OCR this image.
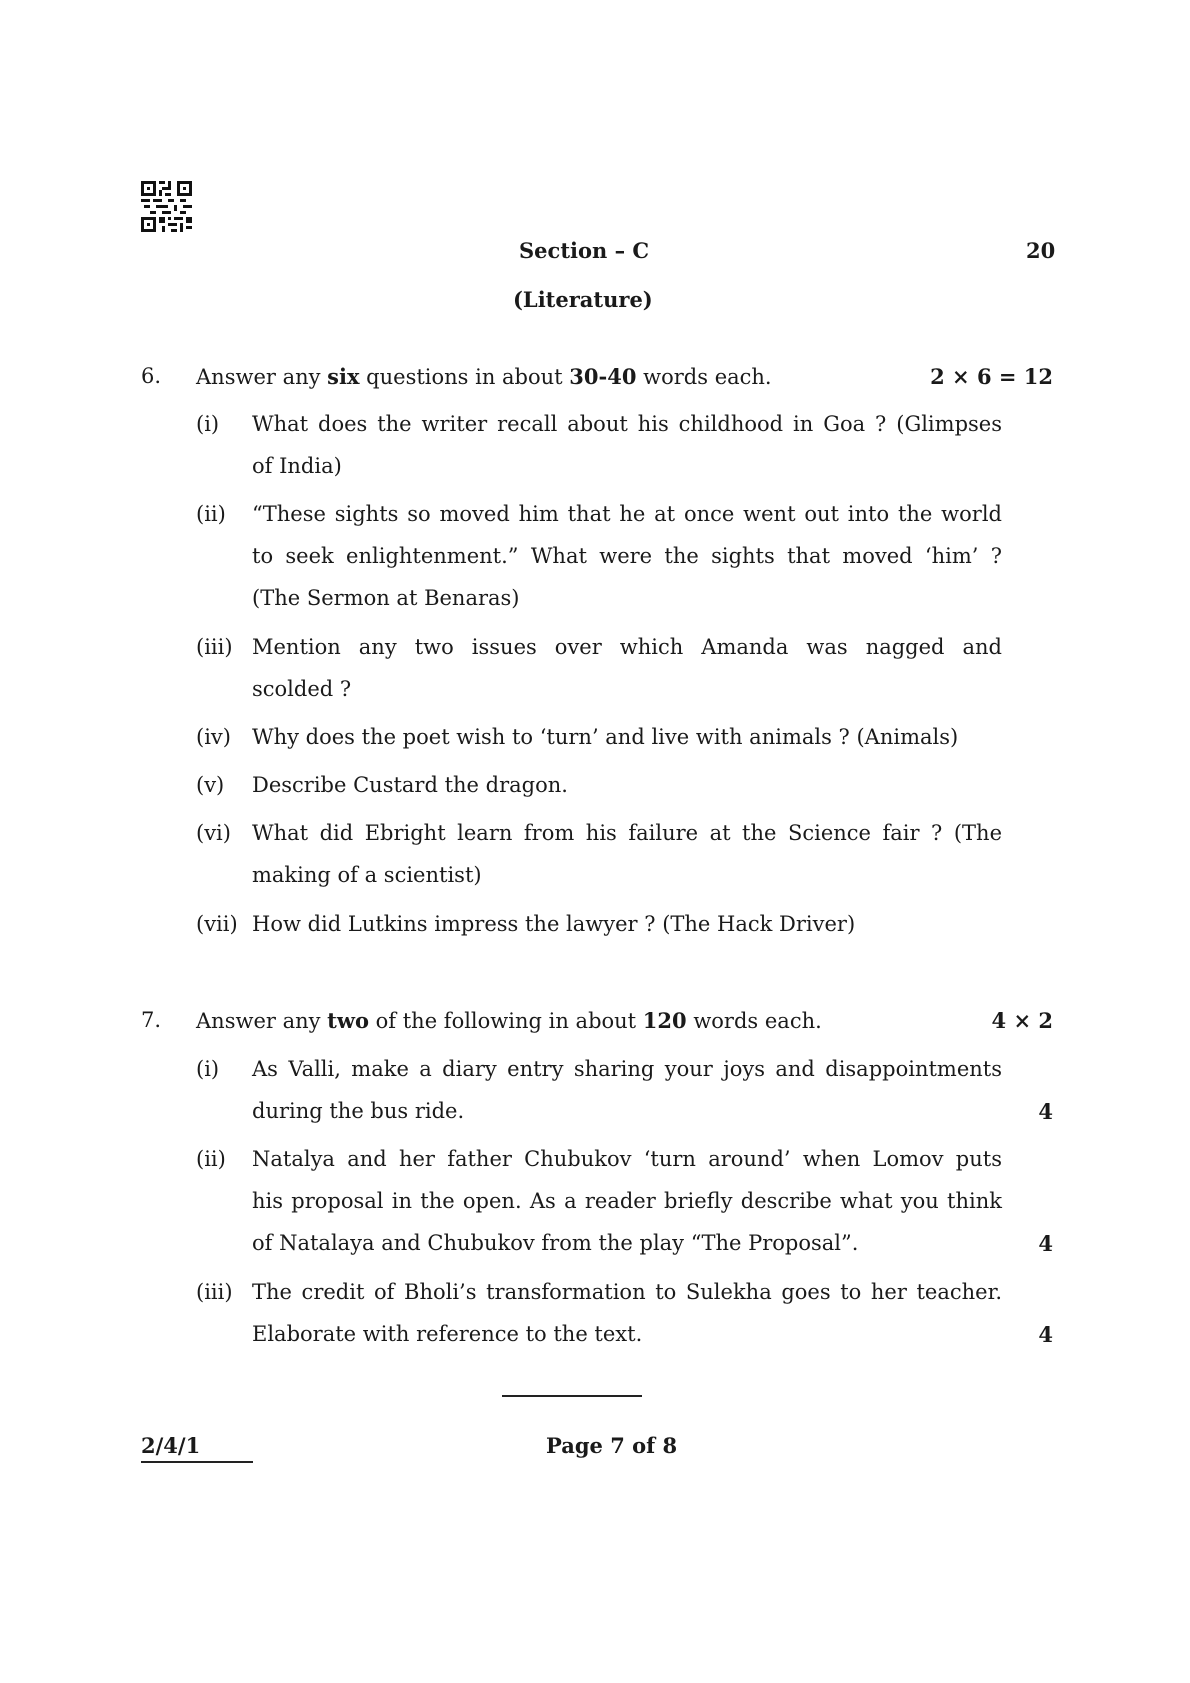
Section – C	20
(Literature)
6. Answer any six questions in about 30-40 words each.	2 × 6 = 12
(i) What does the writer recall about his childhood in Goa ? (Glimpses
of India)
(ii) “These sights so moved him that he at once went out into the world
to seek enlightenment.” What were the sights that moved ‘him’ ?
(The Sermon at Benaras)
(iii) Mention any two issues over which Amanda was nagged and
scolded ?
(iv) Why does the poet wish to ‘turn’ and live with animals ? (Animals)
(v) Describe Custard the dragon.
(vi) What did Ebright learn from his failure at the Science fair ? (The
making of a scientist)
(vii) How did Lutkins impress the lawyer ? (The Hack Driver)
7. Answer any two of the following in about 120 words each.	4 × 2
(i) As Valli, make a diary entry sharing your joys and disappointments
during the bus ride.	4
(ii) Natalya and her father Chubukov ‘turn around’ when Lomov puts
his proposal in the open. As a reader briefly describe what you think
of Natalaya and Chubukov from the play “The Proposal”.	4
(iii) The credit of Bholi’s transformation to Sulekha goes to her teacher.
Elaborate with reference to the text.	4
2/4/1	Page 7 of 8
